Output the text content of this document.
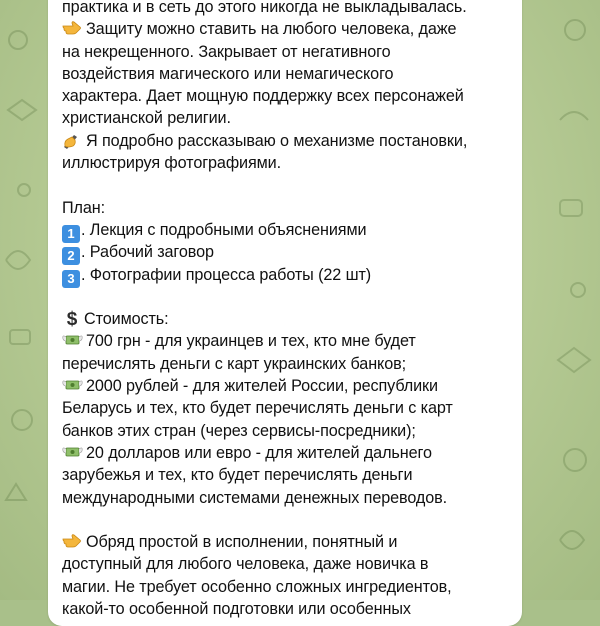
практика и в сеть до этого никогда не выкладывалась.
Защиту можно ставить на любого человека, даже
на некрещенного. Закрывает от негативного
воздействия магического или немагического
характера. Дает мощную поддержку всех персонажей
христианской религии.
Я подробно рассказываю о механизме постановки,
иллюстрируя фотографиями.
План:
1 . Лекция с подробными объяснениями
2 . Рабочий заговор
3 . Фотографии процесса работы (22 шт)
$ Стоимость:
700 грн - для украинцев и тех, кто мне будет
перечислять деньги с карт украинских банков;
2000 рублей - для жителей России, республики
Беларусь и тех, кто будет перечислять деньги с карт
банков этих стран (через сервисы-посредники);
20 долларов или евро - для жителей дальнего
зарубежья и тех, кто будет перечислять деньги
международными системами денежных переводов.
Обряд простой в исполнении, понятный и
доступный для любого человека, даже новичка в
магии. Не требует особенно сложных ингредиентов,
какой-то особенной подготовки или особенных
